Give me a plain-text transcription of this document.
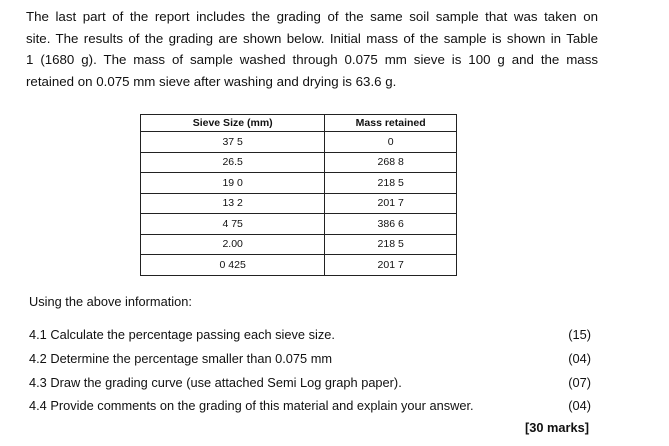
The last part of the report includes the grading of the same soil sample that was taken on
site. The results of the grading are shown below. Initial mass of the sample is shown in Table
1 (1680 g). The mass of sample washed through 0.075 mm sieve is 100 g and the mass
retained on 0.075 mm sieve after washing and drying is 63.6 g.

Sieve Size (mm)	Mass retained
37 5	0
26.5	268 8
19 0	218 5
13 2	201 7
4 75	386 6
2.00	218 5
0 425	201 7

Using the above information:

4.1 Calculate the percentage passing each sieve size.	(15)
4.2 Determine the percentage smaller than 0.075 mm	(04)
4.3 Draw the grading curve (use attached Semi Log graph paper).	(07)
4.4 Provide comments on the grading of this material and explain your answer.	(04)
[30 marks]
